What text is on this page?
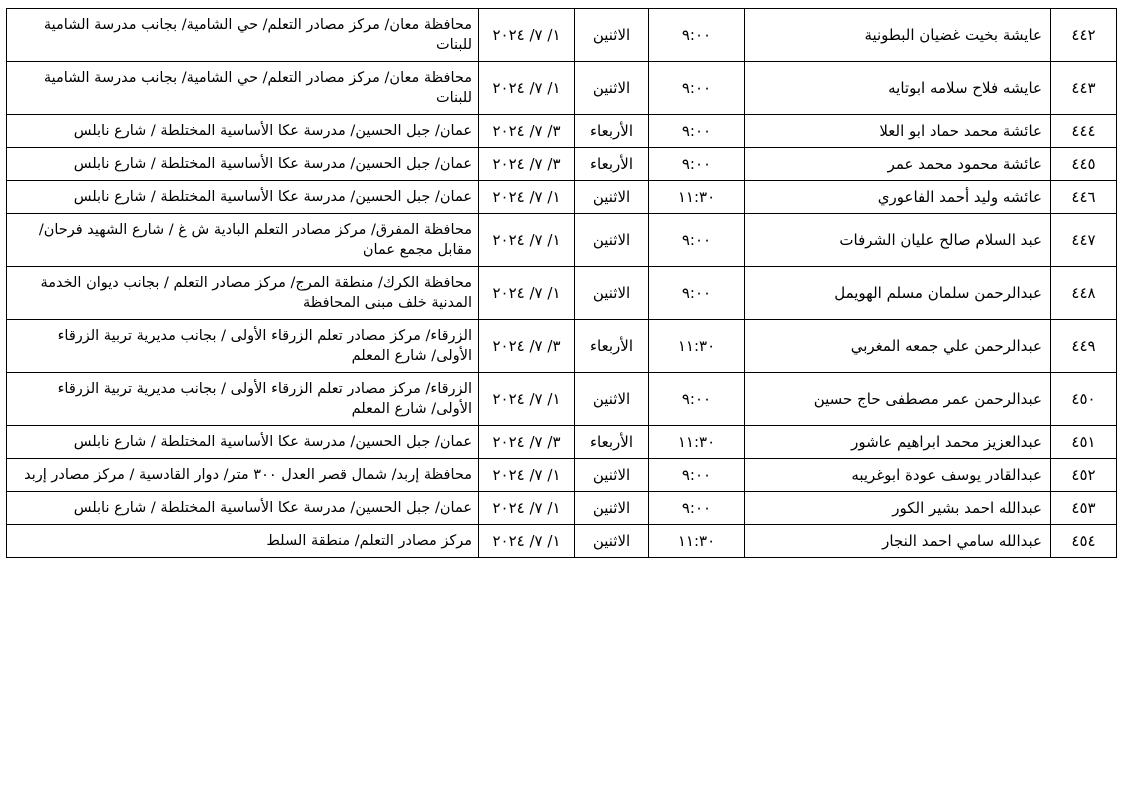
٤٤٢	عايشة بخيت غضيان البطونية	٩:٠٠	الاثنين	١/ ٧/ ٢٠٢٤	محافظة معان/ مركز مصادر التعلم/ حي الشامية/ بجانب مدرسة الشامية للبنات
٤٤٣	عايشه فلاح سلامه ابوتايه	٩:٠٠	الاثنين	١/ ٧/ ٢٠٢٤	محافظة معان/ مركز مصادر التعلم/ حي الشامية/ بجانب مدرسة الشامية للبنات
٤٤٤	عائشة محمد حماد ابو العلا	٩:٠٠	الأربعاء	٣/ ٧/ ٢٠٢٤	عمان/ جبل الحسين/ مدرسة عكا الأساسية المختلطة / شارع نابلس
٤٤٥	عائشة محمود محمد عمر	٩:٠٠	الأربعاء	٣/ ٧/ ٢٠٢٤	عمان/ جبل الحسين/ مدرسة عكا الأساسية المختلطة / شارع نابلس
٤٤٦	عائشه وليد أحمد الفاعوري	١١:٣٠	الاثنين	١/ ٧/ ٢٠٢٤	عمان/ جبل الحسين/ مدرسة عكا الأساسية المختلطة / شارع نابلس
٤٤٧	عبد السلام صالح عليان الشرفات	٩:٠٠	الاثنين	١/ ٧/ ٢٠٢٤	محافظة المفرق/ مركز مصادر التعلم البادية ش غ / شارع الشهيد فرحان/ مقابل مجمع عمان
٤٤٨	عبدالرحمن سلمان مسلم الهويمل	٩:٠٠	الاثنين	١/ ٧/ ٢٠٢٤	محافظة الكرك/ منطقة المرج/ مركز مصادر التعلم / بجانب ديوان الخدمة المدنية خلف مبنى المحافظة
٤٤٩	عبدالرحمن علي جمعه المغربي	١١:٣٠	الأربعاء	٣/ ٧/ ٢٠٢٤	الزرقاء/ مركز مصادر تعلم الزرقاء الأولى / بجانب مديرية تربية الزرقاء الأولى/ شارع المعلم
٤٥٠	عبدالرحمن عمر مصطفى حاج حسين	٩:٠٠	الاثنين	١/ ٧/ ٢٠٢٤	الزرقاء/ مركز مصادر تعلم الزرقاء الأولى / بجانب مديرية تربية الزرقاء الأولى/ شارع المعلم
٤٥١	عبدالعزيز محمد ابراهيم عاشور	١١:٣٠	الأربعاء	٣/ ٧/ ٢٠٢٤	عمان/ جبل الحسين/ مدرسة عكا الأساسية المختلطة / شارع نابلس
٤٥٢	عبدالقادر يوسف عودة ابوغريبه	٩:٠٠	الاثنين	١/ ٧/ ٢٠٢٤	محافظة إربد/ شمال قصر العدل ٣٠٠ متر/ دوار القادسية / مركز مصادر إربد
٤٥٣	عبدالله احمد بشير الكور	٩:٠٠	الاثنين	١/ ٧/ ٢٠٢٤	عمان/ جبل الحسين/ مدرسة عكا الأساسية المختلطة / شارع نابلس
٤٥٤	عبدالله سامي احمد النجار	١١:٣٠	الاثنين	١/ ٧/ ٢٠٢٤	مركز مصادر التعلم/ منطقة السلط
